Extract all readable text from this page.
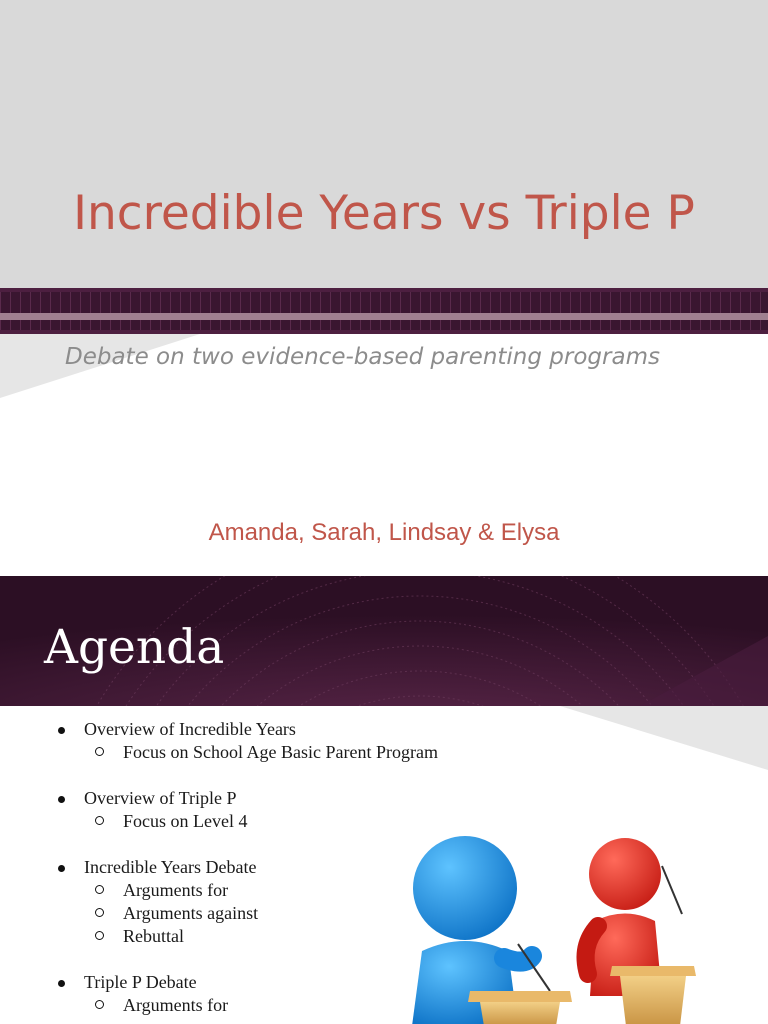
Incredible Years vs Triple P

Debate on two evidence-based parenting programs

Amanda, Sarah, Lindsay & Elysa

Agenda
Overview of Incredible Years
Focus on School Age Basic Parent Program
Overview of Triple P
Focus on Level 4
Incredible Years Debate
Arguments for
Arguments against
Rebuttal
Triple P Debate
Arguments for
